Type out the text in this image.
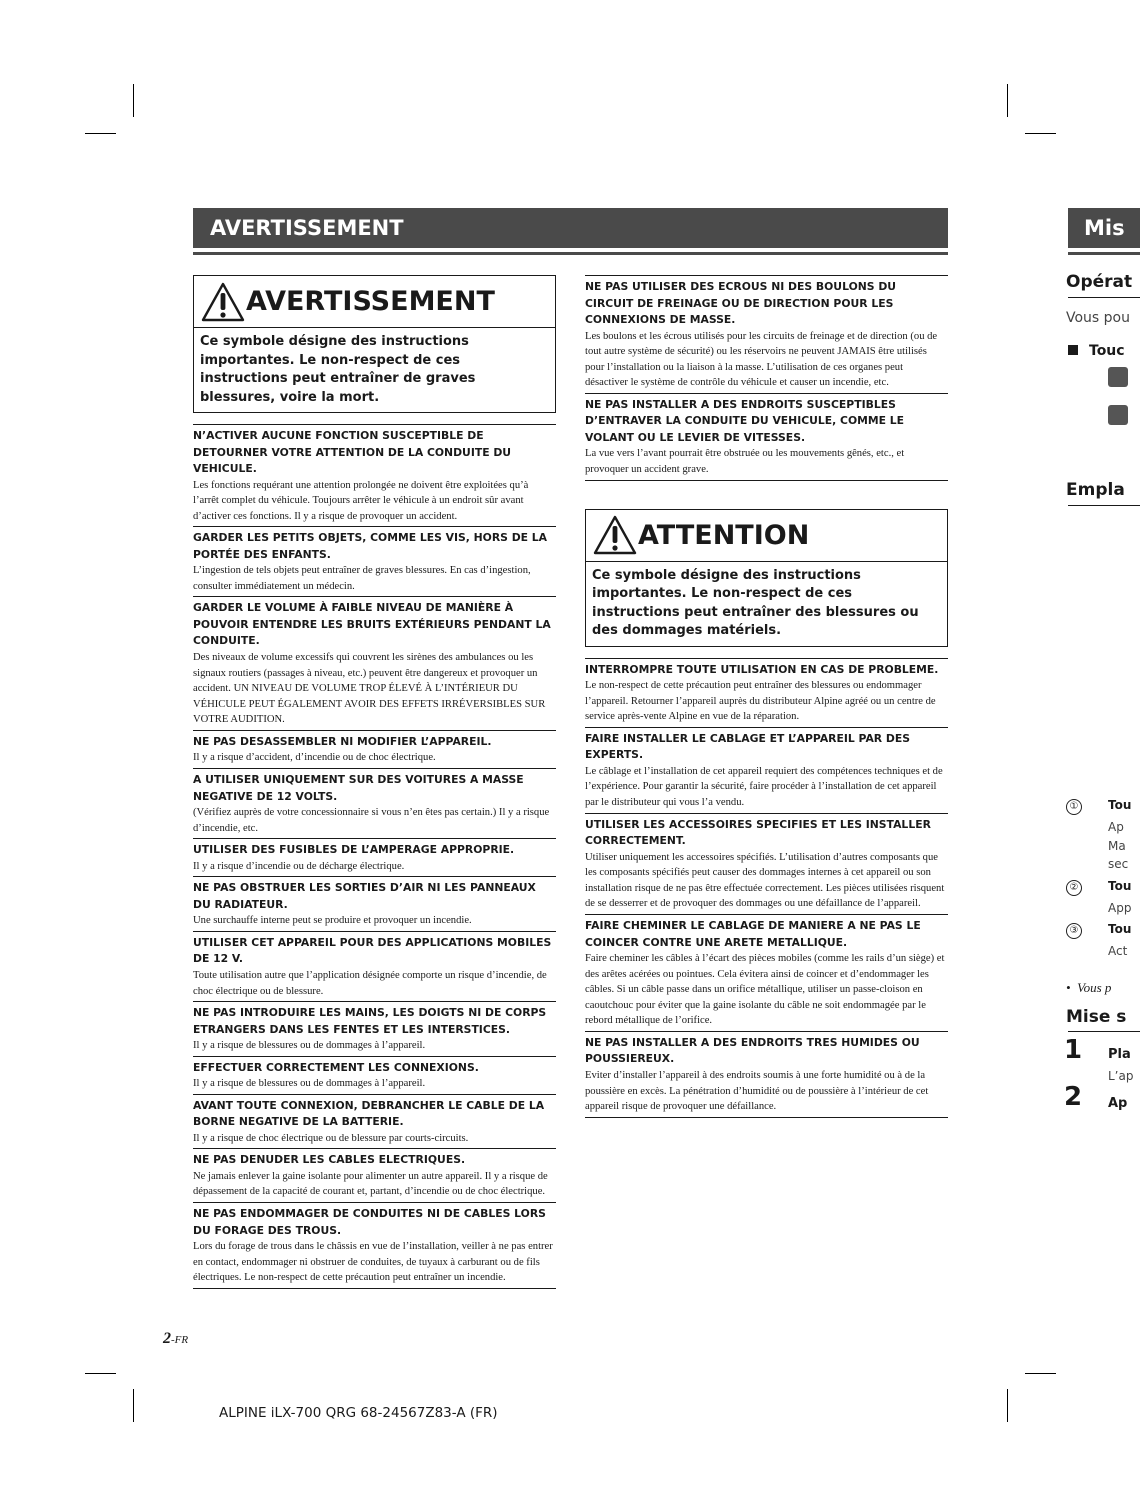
AVERTISSEMENT
AVERTISSEMENT
Ce symbole désigne des instructions importantes. Le non-respect de ces instructions peut entraîner de graves blessures, voire la mort.
N’ACTIVER AUCUNE FONCTION SUSCEPTIBLE DE DETOURNER VOTRE ATTENTION DE LA CONDUITE DU VEHICULE.
Les fonctions requérant une attention prolongée ne doivent être exploitées qu’à l’arrêt complet du véhicule. Toujours arrêter le véhicule à un endroit sûr avant d’activer ces fonctions. Il y a risque de provoquer un accident.
GARDER LES PETITS OBJETS, COMME LES VIS, HORS DE LA PORTÉE DES ENFANTS.
L’ingestion de tels objets peut entraîner de graves blessures. En cas d’ingestion, consulter immédiatement un médecin.
GARDER LE VOLUME À FAIBLE NIVEAU DE MANIÈRE À POUVOIR ENTENDRE LES BRUITS EXTÉRIEURS PENDANT LA CONDUITE.
Des niveaux de volume excessifs qui couvrent les sirènes des ambulances ou les signaux routiers (passages à niveau, etc.) peuvent être dangereux et provoquer un accident. UN NIVEAU DE VOLUME TROP ÉLEVÉ À L’INTÉRIEUR DU VÉHICULE PEUT ÉGALEMENT AVOIR DES EFFETS IRRÉVERSIBLES SUR VOTRE AUDITION.
NE PAS DESASSEMBLER NI MODIFIER L’APPAREIL.
Il y a risque d’accident, d’incendie ou de choc électrique.
A UTILISER UNIQUEMENT SUR DES VOITURES A MASSE NEGATIVE DE 12 VOLTS.
(Vérifiez auprès de votre concessionnaire si vous n’en êtes pas certain.) Il y a risque d’incendie, etc.
UTILISER DES FUSIBLES DE L’AMPERAGE APPROPRIE.
Il y a risque d’incendie ou de décharge électrique.
NE PAS OBSTRUER LES SORTIES D’AIR NI LES PANNEAUX DU RADIATEUR.
Une surchauffe interne peut se produire et provoquer un incendie.
UTILISER CET APPAREIL POUR DES APPLICATIONS MOBILES DE 12 V.
Toute utilisation autre que l’application désignée comporte un risque d’incendie, de choc électrique ou de blessure.
NE PAS INTRODUIRE LES MAINS, LES DOIGTS NI DE CORPS ETRANGERS DANS LES FENTES ET LES INTERSTICES.
Il y a risque de blessures ou de dommages à l’appareil.
EFFECTUER CORRECTEMENT LES CONNEXIONS.
Il y a risque de blessures ou de dommages à l’appareil.
AVANT TOUTE CONNEXION, DEBRANCHER LE CABLE DE LA BORNE NEGATIVE DE LA BATTERIE.
Il y a risque de choc électrique ou de blessure par courts-circuits.
NE PAS DENUDER LES CABLES ELECTRIQUES.
Ne jamais enlever la gaine isolante pour alimenter un autre appareil. Il y a risque de dépassement de la capacité de courant et, partant, d’incendie ou de choc électrique.
NE PAS ENDOMMAGER DE CONDUITES NI DE CABLES LORS DU FORAGE DES TROUS.
Lors du forage de trous dans le châssis en vue de l’installation, veiller à ne pas entrer en contact, endommager ni obstruer de conduites, de tuyaux à carburant ou de fils électriques. Le non-respect de cette précaution peut entraîner un incendie.
NE PAS UTILISER DES ECROUS NI DES BOULONS DU CIRCUIT DE FREINAGE OU DE DIRECTION POUR LES CONNEXIONS DE MASSE.
Les boulons et les écrous utilisés pour les circuits de freinage et de direction (ou de tout autre système de sécurité) ou les réservoirs ne peuvent JAMAIS être utilisés pour l’installation ou la liaison à la masse. L’utilisation de ces organes peut désactiver le système de contrôle du véhicule et causer un incendie, etc.
NE PAS INSTALLER A DES ENDROITS SUSCEPTIBLES D’ENTRAVER LA CONDUITE DU VEHICULE, COMME LE VOLANT OU LE LEVIER DE VITESSES.
La vue vers l’avant pourrait être obstruée ou les mouvements gênés, etc., et provoquer un accident grave.
ATTENTION
Ce symbole désigne des instructions importantes. Le non-respect de ces instructions peut entraîner des blessures ou des dommages matériels.
INTERROMPRE TOUTE UTILISATION EN CAS DE PROBLEME.
Le non-respect de cette précaution peut entraîner des blessures ou endommager l’appareil. Retourner l’appareil auprès du distributeur Alpine agréé ou un centre de service après-vente Alpine en vue de la réparation.
FAIRE INSTALLER LE CABLAGE ET L’APPAREIL PAR DES EXPERTS.
Le câblage et l’installation de cet appareil requiert des compétences techniques et de l’expérience. Pour garantir la sécurité, faire procéder à l’installation de cet appareil par le distributeur qui vous l’a vendu.
UTILISER LES ACCESSOIRES SPECIFIES ET LES INSTALLER CORRECTEMENT.
Utiliser uniquement les accessoires spécifiés. L’utilisation d’autres composants que les composants spécifiés peut causer des dommages internes à cet appareil ou son installation risque de ne pas être effectuée correctement. Les pièces utilisées risquent de se desserrer et de provoquer des dommages ou une défaillance de l’appareil.
FAIRE CHEMINER LE CABLAGE DE MANIERE A NE PAS LE COINCER CONTRE UNE ARETE METALLIQUE.
Faire cheminer les câbles à l’écart des pièces mobiles (comme les rails d’un siège) et des arêtes acérées ou pointues. Cela évitera ainsi de coincer et d’endommager les câbles. Si un câble passe dans un orifice métallique, utiliser un passe-cloison en caoutchouc pour éviter que la gaine isolante du câble ne soit endommagée par le rebord métallique de l’orifice.
NE PAS INSTALLER A DES ENDROITS TRES HUMIDES OU POUSSIEREUX.
Eviter d’installer l’appareil à des endroits soumis à une forte humidité ou à de la poussière en excès. La pénétration d’humidité ou de poussière à l’intérieur de cet appareil risque de provoquer une défaillance.
Mis
Opérat
Vous pou
Touc
Empla
① Tou
Ap
Ma
sec
② Tou
App
③ Tou
Act
•  Vous p
Mise s
1 Pla
L’ap
2 Ap
2-FR
ALPINE iLX-700 QRG 68-24567Z83-A (FR)
